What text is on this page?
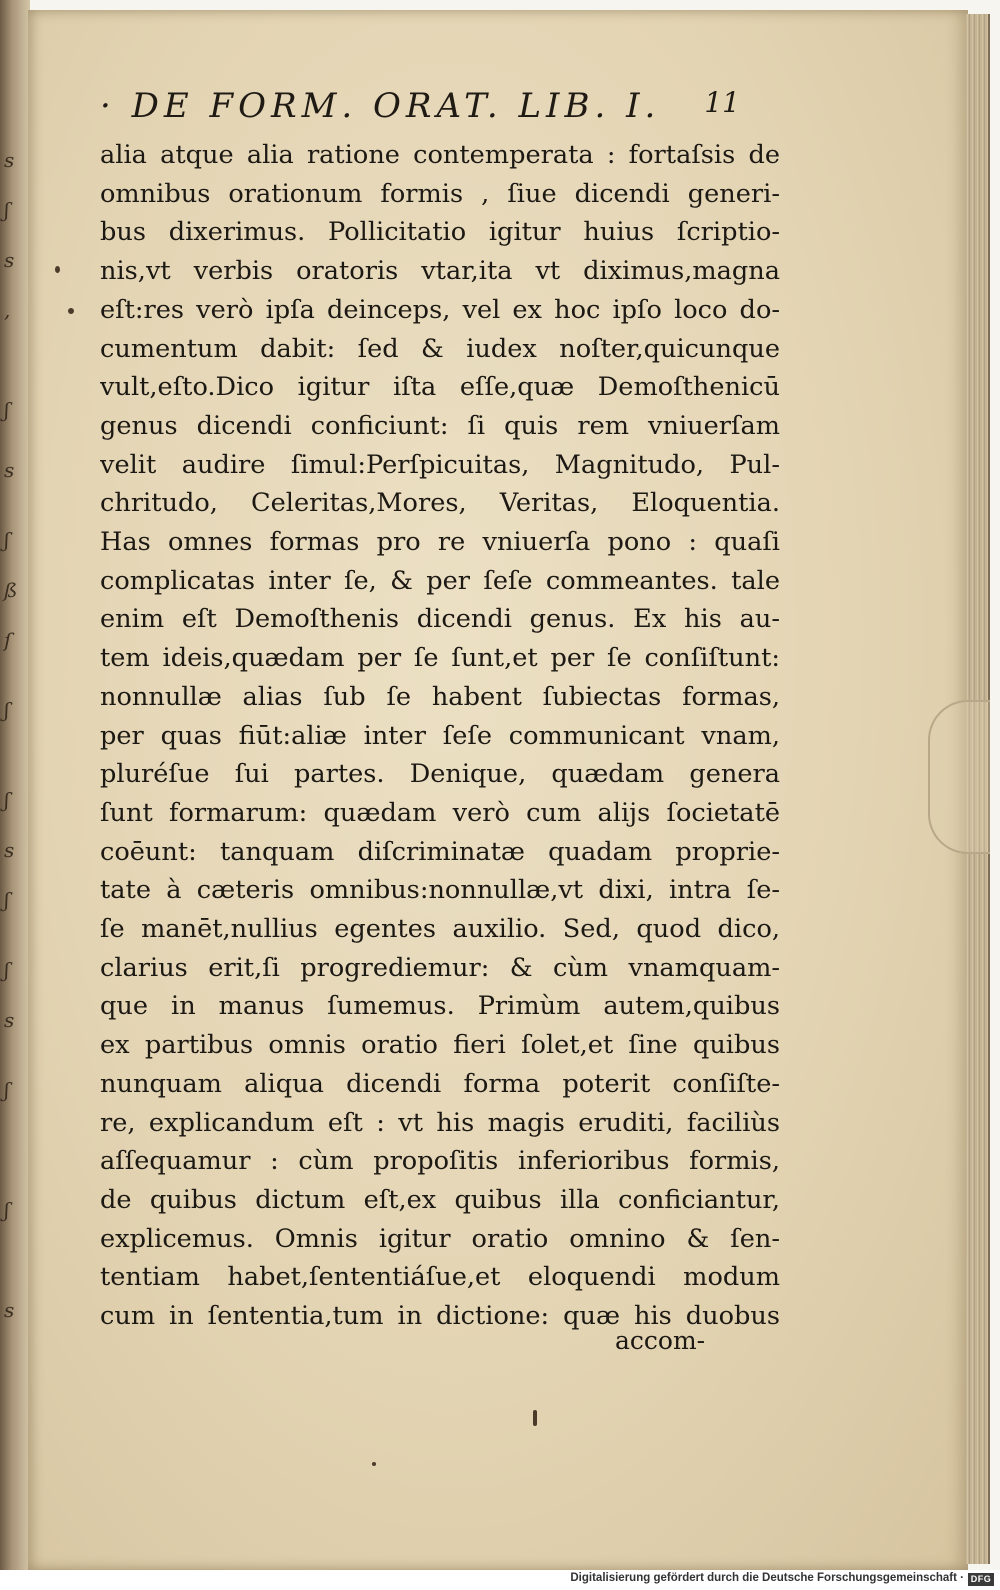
s
ʃ
s
,
ʃ
s
ʃ
ß
ſ
ʃ
ʃ
s
ʃ
ʃ
s
ʃ
ʃ
s
· DE FORM. ORAT. LIB. I. 11
alia atque alia ratione contemperata : fortaſsis de
omnibus orationum formis , ſiue dicendi generi-
bus dixerimus. Pollicitatio igitur huius ſcriptio-
nis,vt verbis oratoris vtar,ita vt diximus,magna
eſt:res verò ipſa deinceps, vel ex hoc ipſo loco do-
cumentum dabit: ſed & iudex noſter,quicunque
vult,eſto.Dico igitur iſta eſſe,quæ Demoſthenicū
genus dicendi conficiunt: ſi quis rem vniuerſam
velit audire ſimul:Perſpicuitas, Magnitudo, Pul-
chritudo, Celeritas,Mores, Veritas, Eloquentia.
Has omnes formas pro re vniuerſa pono : quaſi
complicatas inter ſe, & per ſeſe commeantes. tale
enim eſt Demoſthenis dicendi genus. Ex his au-
tem ideis,quædam per ſe ſunt,et per ſe conſiſtunt:
nonnullæ alias ſub ſe habent ſubiectas formas,
per quas fiūt:aliæ inter ſeſe communicant vnam,
pluréſue ſui partes. Denique, quædam genera
ſunt formarum: quædam verò cum alijs ſocietatē
coēunt: tanquam diſcriminatæ quadam proprie-
tate à cæteris omnibus:nonnullæ,vt dixi, intra ſe-
ſe manēt,nullius egentes auxilio. Sed, quod dico,
clarius erit,ſi progrediemur: & cùm vnamquam-
que in manus ſumemus. Primùm autem,quibus
ex partibus omnis oratio fieri ſolet,et ſine quibus
nunquam aliqua dicendi forma poterit conſiſte-
re, explicandum eſt : vt his magis eruditi, faciliùs
aſſequamur : cùm propoſitis inferioribus formis,
de quibus dictum eſt,ex quibus illa conficiantur,
explicemus. Omnis igitur oratio omnino & ſen-
tentiam habet,ſententiáſue,et eloquendi modum
cum in ſententia,tum in dictione: quæ his duobus
accom-
Digitalisierung gefördert durch die Deutsche Forschungsgemeinschaft · DFG
